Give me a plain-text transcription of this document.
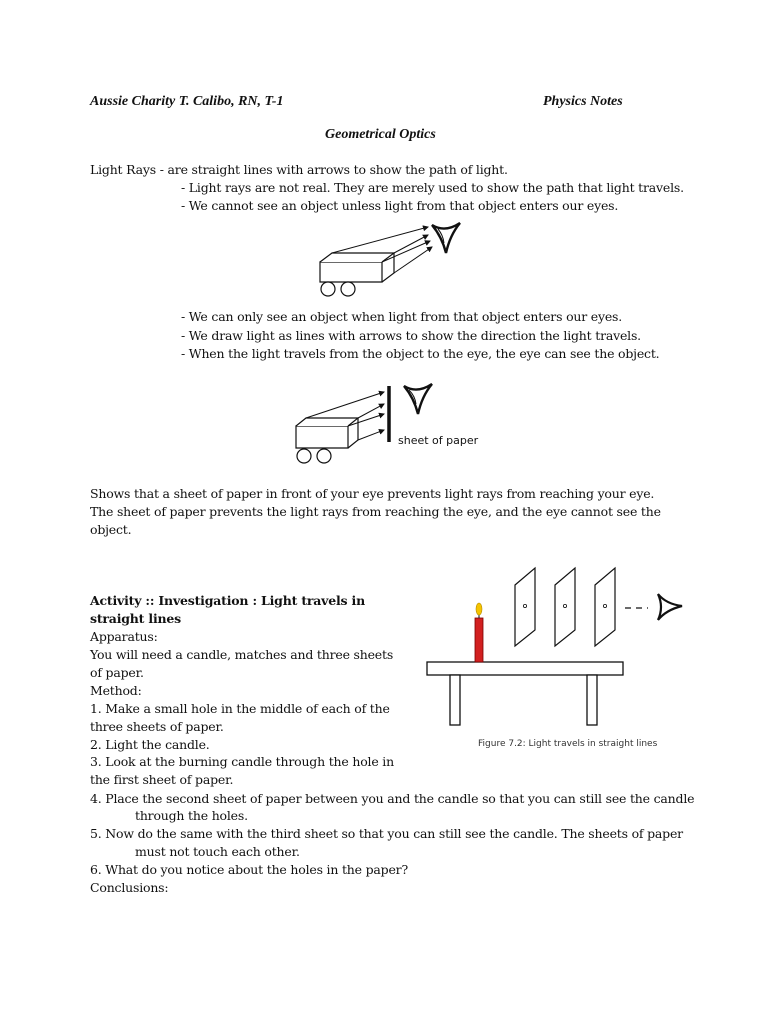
Aussie Charity T. Calibo, RN, T-1	Physics Notes
Geometrical Optics
Light Rays - are straight lines with arrows to show the path of light.
- Light rays are not real. They are merely used to show the path that light travels.
- We cannot see an object unless light from that object enters our eyes.
- We can only see an object when light from that object enters our eyes.
- We draw light as lines with arrows to show the direction the light travels.
- When the light travels from the object to the eye, the eye can see the object.
sheet of paper
Shows that a sheet of paper in front of your eye prevents light rays from reaching your eye.
The sheet of paper prevents the light rays from reaching the eye, and the eye cannot see the
object.
Activity :: Investigation : Light travels in
straight lines
Apparatus:
You will need a candle, matches and three sheets
of paper.
Method:
1. Make a small hole in the middle of each of the
three sheets of paper.
2. Light the candle.
3. Look at the burning candle through the hole in
the first sheet of paper.
4. Place the second sheet of paper between you and the candle so that you can still see the candle
through the holes.
5. Now do the same with the third sheet so that you can still see the candle. The sheets of paper
must not touch each other.
6. What do you notice about the holes in the paper?
Conclusions:
Figure 7.2: Light travels in straight lines
